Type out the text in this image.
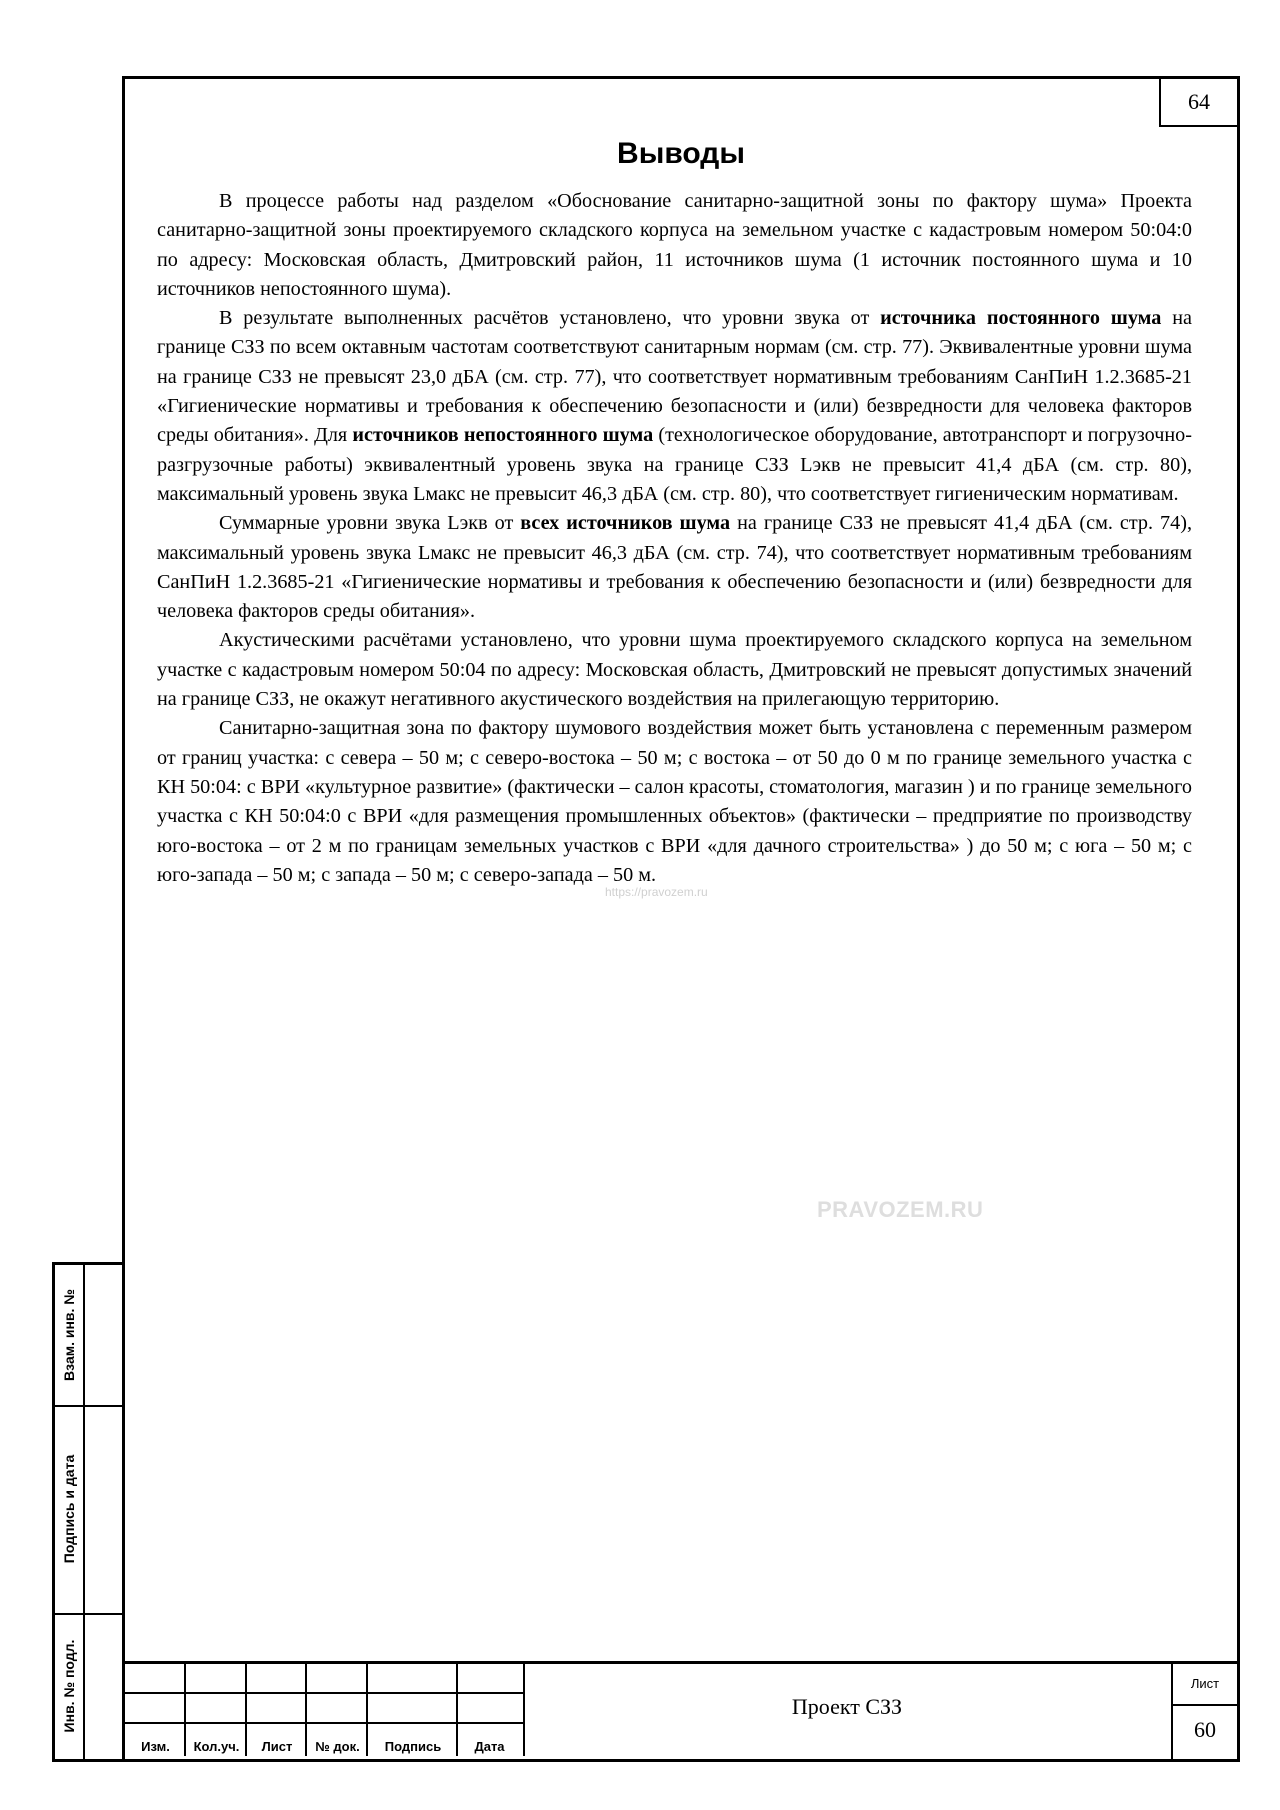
64
Выводы

В процессе работы над разделом «Обоснование санитарно-защитной зоны по фактору шума» Проекта санитарно-защитной зоны проектируемого складского корпуса на земельном участке с кадастровым номером 50:04:0 по адресу: Московская область, Дмитровский район, 11 источников шума (1 источник постоянного шума и 10 источников непостоянного шума).

В результате выполненных расчётов установлено, что уровни звука от источника постоянного шума на границе СЗЗ по всем октавным частотам соответствуют санитарным нормам (см. стр. 77). Эквивалентные уровни шума на границе СЗЗ не превысят 23,0 дБА (см. стр. 77), что соответствует нормативным требованиям СанПиН 1.2.3685-21 «Гигиенические нормативы и требования к обеспечению безопасности и (или) безвредности для человека факторов среды обитания». Для источников непостоянного шума (технологическое оборудование, автотранспорт и погрузочно-разгрузочные работы) эквивалентный уровень звука на границе СЗЗ Lэкв не превысит 41,4 дБА (см. стр. 80), максимальный уровень звука Lмакс не превысит 46,3 дБА (см. стр. 80), что соответствует гигиеническим нормативам.

Суммарные уровни звука Lэкв от всех источников шума на границе СЗЗ не превысят 41,4 дБА (см. стр. 74), максимальный уровень звука Lмакс не превысит 46,3 дБА (см. стр. 74), что соответствует нормативным требованиям СанПиН 1.2.3685-21 «Гигиенические нормативы и требования к обеспечению безопасности и (или) безвредности для человека факторов среды обитания».

Акустическими расчётами установлено, что уровни шума проектируемого складского корпуса на земельном участке с кадастровым номером 50:04 по адресу: Московская область, Дмитровский не превысят допустимых значений на границе СЗЗ, не окажут негативного акустического воздействия на прилегающую территорию.

Санитарно-защитная зона по фактору шумового воздействия может быть установлена с переменным размером от границ участка: с севера – 50 м; с северо-востока – 50 м; с востока – от 50 до 0 м по границе земельного участка с КН 50:04: с ВРИ «культурное развитие» (фактически – салон красоты, стоматология, магазин ) и по границе земельного участка с КН 50:04:0 с ВРИ «для размещения промышленных объектов» (фактически – предприятие по производству юго-востока – от 2 м по границам земельных участков с ВРИ «для дачного строительства» ) до 50 м; с юга – 50 м; с юго-запада – 50 м; с запада – 50 м; с северо-запада – 50 м.

https://pravozem.ru
PRAVOZEM.RU
Изм.	Кол.уч.	Лист	№ док.	Подпись	Дата
Проект СЗЗ
Лист
60
Взам. инв. №
Подпись и дата
Инв. № подл.
